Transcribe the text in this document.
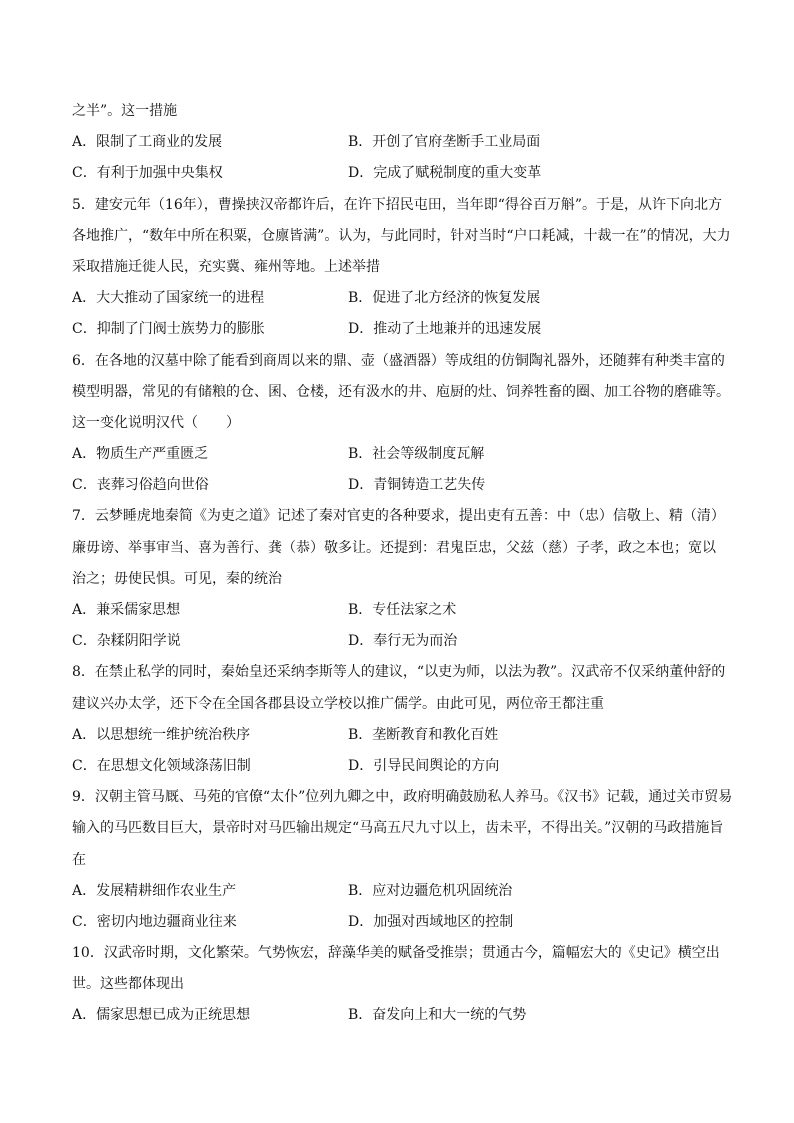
之半”。这一措施
A．限制了工商业的发展	B．开创了官府垄断手工业局面
C．有利于加强中央集权	D．完成了赋税制度的重大变革
5．建安元年（16年），曹操挟汉帝都许后，在许下招民屯田，当年即“得谷百万斛”。于是，从许下向北方
各地推广，“数年中所在积粟，仓廪皆满”。认为，与此同时，针对当时“户口耗减，十裁一在”的情况，大力
采取措施迁徙人民，充实冀、雍州等地。上述举措
A．大大推动了国家统一的进程	B．促进了北方经济的恢复发展
C．抑制了门阀士族势力的膨胀	D．推动了土地兼并的迅速发展
6．在各地的汉墓中除了能看到商周以来的鼎、壶（盛酒器）等成组的仿铜陶礼器外，还随葬有种类丰富的
模型明器，常见的有储粮的仓、囷、仓楼，还有汲水的井、庖厨的灶、饲养牲畜的圈、加工谷物的磨碓等。
这一变化说明汉代（　　）
A．物质生产严重匮乏	B．社会等级制度瓦解
C．丧葬习俗趋向世俗	D．青铜铸造工艺失传
7．云梦睡虎地秦简《为吏之道》记述了秦对官吏的各种要求，提出吏有五善：中（忠）信敬上、精（清）
廉毋谤、举事审当、喜为善行、龚（恭）敬多让。还提到：君鬼臣忠，父兹（慈）子孝，政之本也；宽以
治之；毋使民惧。可见，秦的统治
A．兼采儒家思想	B．专任法家之术
C．杂糅阴阳学说	D．奉行无为而治
8．在禁止私学的同时，秦始皇还采纳李斯等人的建议，“以吏为师，以法为教”。汉武帝不仅采纳董仲舒的
建议兴办太学，还下令在全国各郡县设立学校以推广儒学。由此可见，两位帝王都注重
A．以思想统一维护统治秩序	B．垄断教育和教化百姓
C．在思想文化领域涤荡旧制	D．引导民间舆论的方向
9．汉朝主管马厩、马苑的官僚“太仆”位列九卿之中，政府明确鼓励私人养马。《汉书》记载，通过关市贸易
输入的马匹数目巨大，景帝时对马匹输出规定“马高五尺九寸以上，齿未平，不得出关。”汉朝的马政措施旨
在
A．发展精耕细作农业生产	B．应对边疆危机巩固统治
C．密切内地边疆商业往来	D．加强对西域地区的控制
10．汉武帝时期，文化繁荣。气势恢宏，辞藻华美的赋备受推崇；贯通古今，篇幅宏大的《史记》横空出
世。这些都体现出
A．儒家思想已成为正统思想	B．奋发向上和大一统的气势
